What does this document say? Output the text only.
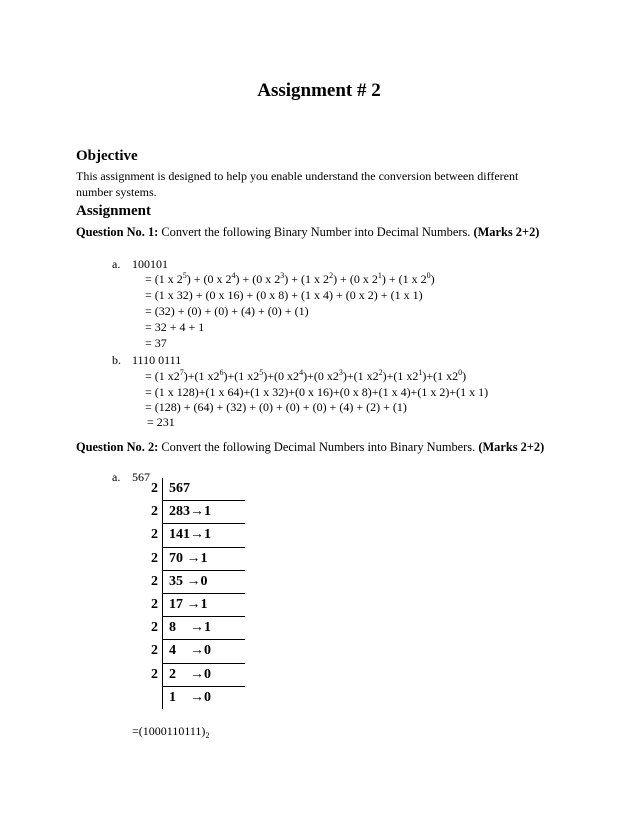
Assignment # 2
Objective
This assignment is designed to help you enable understand the conversion between different
number systems.
Assignment
Question No. 1: Convert the following Binary Number into Decimal Numbers. (Marks 2+2)
a. 100101
= (1 x $2^5) + (0$ x $2^4) + (0$ x $2^3) + (1$ x $2^2) + (0$ x $2^1) + (1$ x $2^0$)
= (1 x 32) + (0 x 16) + (0 x 8) + (1 x 4) + (0 x 2) + (1 x 1)
= (32) + (0) + (0) + (4) + (0) + (1)
= 32 + 4 + 1
= 37
b. 1110 0111
= (1 $x2^7)+(1$ $x2^6)+(1$ $x2^5)+(0$ $x2^4)+(0$ $x2^3)+(1$ $x2^2)+(1$ $x2^1)+(1$ $x2^0$)
= (1 x 128)+(1 x 64)+(1 x 32)+(0 x 16)+(0 x 8)+(1 x 4)+(1 x 2)+(1 x 1)
= (128) + (64) + (32) + (0) + (0) + (0) + (4) + (2) + (1)
= 231
Question No. 2: Convert the following Decimal Numbers into Binary Numbers. (Marks 2+2)
a. 567
2	567
2	283→1
2	141→1
2	70 →1
2	35 →0
2	17 →1
2	8    →1
2	4    →0
2	2    →0
	1    →0
$=(1000110111)_2$
